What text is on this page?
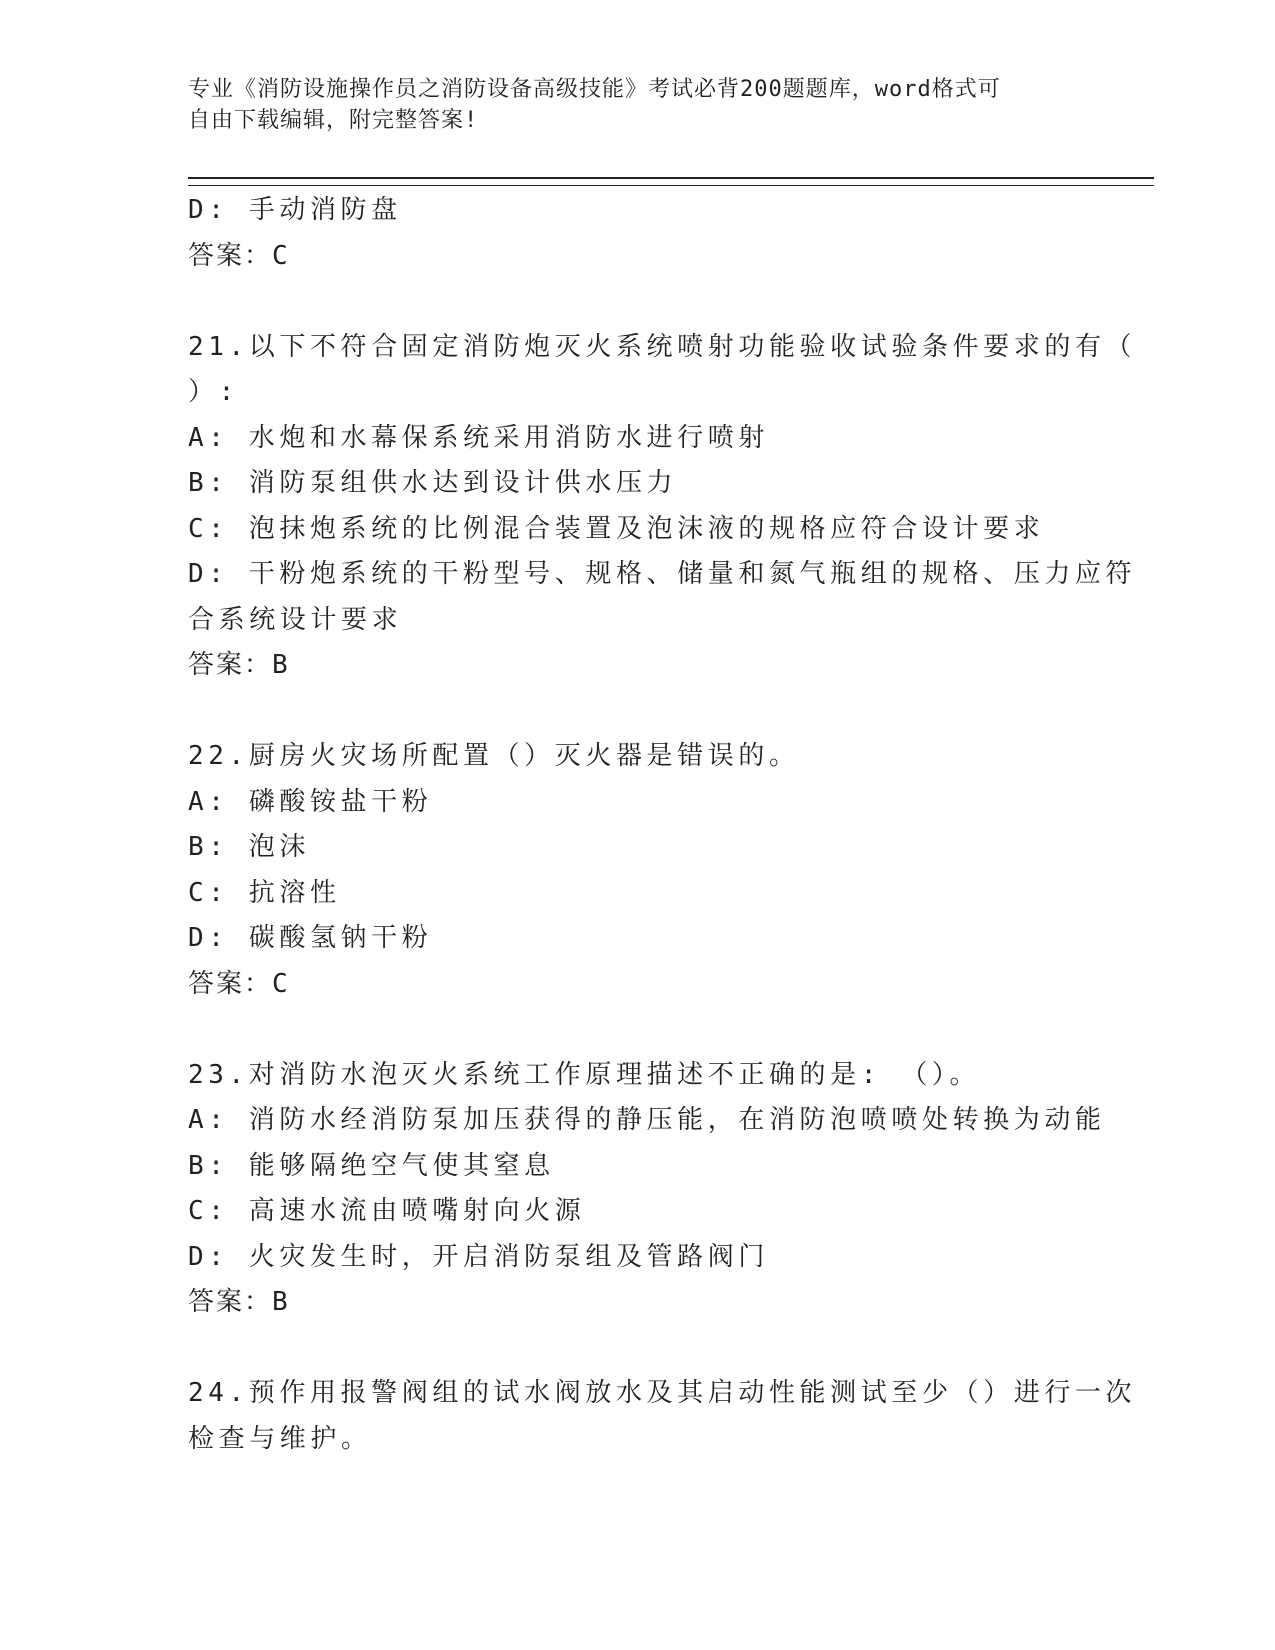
专业《消防设施操作员之消防设备高级技能》考试必背200题题库，word格式可
自由下载编辑，附完整答案!
D: 手动消防盘
答案：C
21.以下不符合固定消防炮灭火系统喷射功能验收试验条件要求的有（
）:
A: 水炮和水幕保系统采用消防水进行喷射
B: 消防泵组供水达到设计供水压力
C: 泡抹炮系统的比例混合装置及泡沫液的规格应符合设计要求
D: 干粉炮系统的干粉型号、规格、储量和氮气瓶组的规格、压力应符
合系统设计要求
答案：B
22.厨房火灾场所配置（）灭火器是错误的。
A: 磷酸铵盐干粉
B: 泡沫
C: 抗溶性
D: 碳酸氢钠干粉
答案：C
23.对消防水泡灭火系统工作原理描述不正确的是: （）。
A: 消防水经消防泵加压获得的静压能，在消防泡喷喷处转换为动能
B: 能够隔绝空气使其窒息
C: 高速水流由喷嘴射向火源
D: 火灾发生时，开启消防泵组及管路阀门
答案：B
24.预作用报警阀组的试水阀放水及其启动性能测试至少（）进行一次
检查与维护。
